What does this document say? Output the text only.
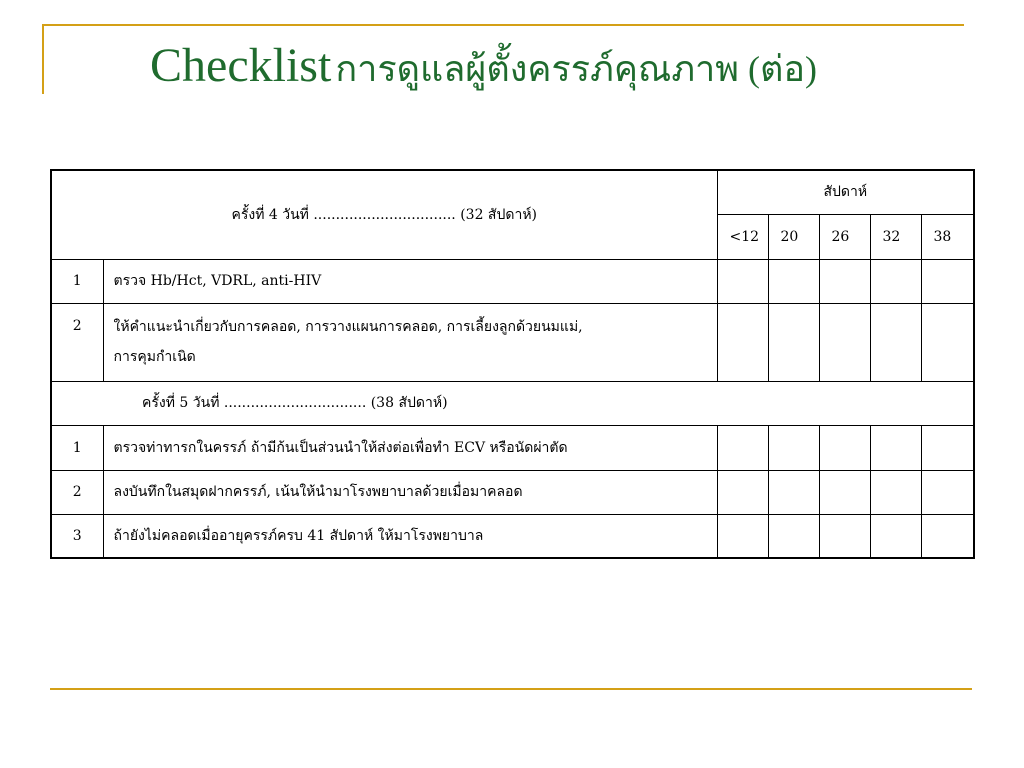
Checklist การดูแลผู้ตั้งครรภ์คุณภาพ (ต่อ)
ครั้งที่ 4 วันที่ ................................ (32 สัปดาห์)		สัปดาห์				
		<12	20	26	32	38
1	ตรวจ Hb/Hct, VDRL, anti-HIV					
2	ให้คำแนะนำเกี่ยวกับการคลอด, การวางแผนการคลอด, การเลี้ยงลูกด้วยนมแม่,
การคุมกำเนิด					
ครั้งที่ 5 วันที่ ................................ (38 สัปดาห์)						
1	ตรวจท่าทารกในครรภ์ ถ้ามีก้นเป็นส่วนนำให้ส่งต่อเพื่อทำ ECV หรือนัดผ่าตัด					
2	ลงบันทึกในสมุดฝากครรภ์, เน้นให้นำมาโรงพยาบาลด้วยเมื่อมาคลอด					
3	ถ้ายังไม่คลอดเมื่ออายุครรภ์ครบ 41 สัปดาห์ ให้มาโรงพยาบาล					
